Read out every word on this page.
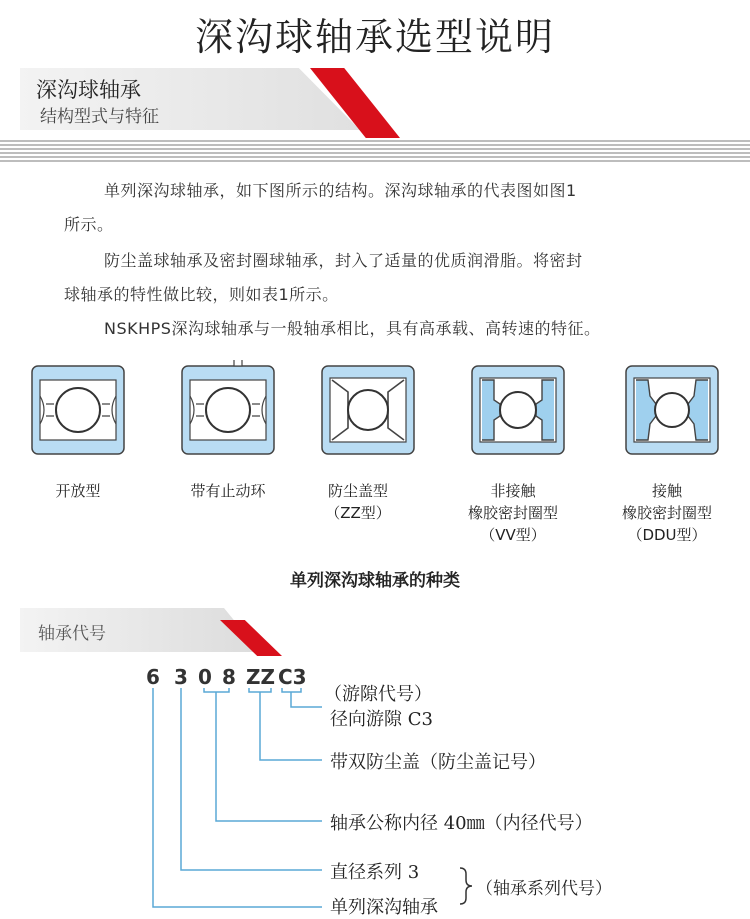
深沟球轴承选型说明
深沟球轴承
结构型式与特征
单列深沟球轴承，如下图所示的结构。深沟球轴承的代表图如图1
所示。
防尘盖球轴承及密封圈球轴承，封入了适量的优质润滑脂。将密封
球轴承的特性做比较，则如表1所示。
NSKHPS深沟球轴承与一般轴承相比，具有高承载、高转速的特征。
开放型	带有止动环	防尘盖型
（ZZ型）
非接触
橡胶密封圈型
（VV型）
接触
橡胶密封圈型
（DDU型）
单列深沟球轴承的种类
轴承代号
6 3 0 8 ZZ C3
（游隙代号）
径向游隙 C3
带双防尘盖（防尘盖记号）
轴承公称内径 40㎜（内径代号）
直径系列 3
（轴承系列代号）
单列深沟轴承
